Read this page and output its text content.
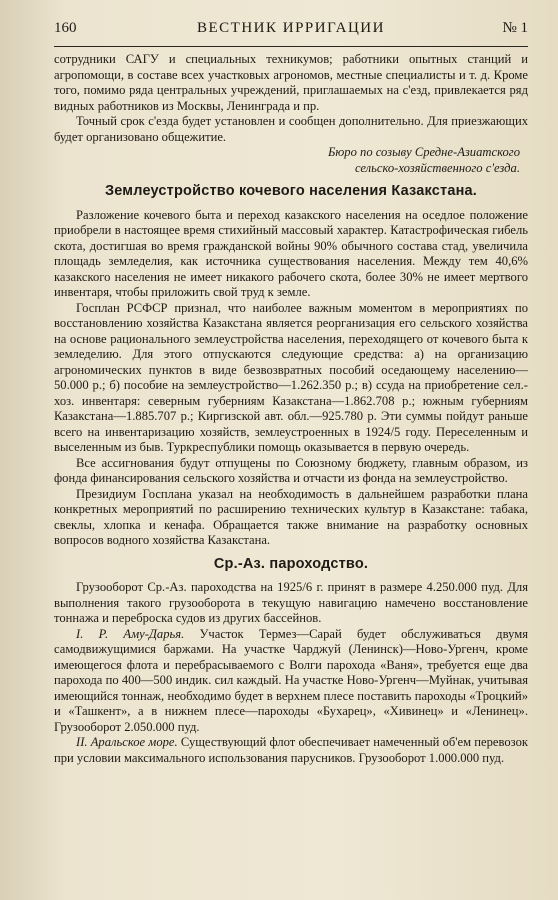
160	ВЕСТНИК ИРРИГАЦИИ	№ 1

сотрудники САГУ и специальных техникумов; работники опытных станций и агропомощи, в составе всех участковых агрономов, местные специалисты и т. д. Кроме того, помимо ряда центральных учреждений, приглашаемых на с'езд, привлекается ряд видных работников из Москвы, Ленинграда и пр.

Точный срок с'езда будет установлен и сообщен дополнительно. Для приезжающих будет организовано общежитие.

Бюро по созыву Средне-Азиатского
сельско-хозяйственного с'езда.
Землеустройство кочевого населения Казакстана.

Разложение кочевого быта и переход казакского населения на оседлое положение приобрели в настоящее время стихийный массовый характер. Катастрофическая гибель скота, достигшая во время гражданской войны 90% обычного состава стад, увеличила площадь земледелия, как источника существования населения. Между тем 40,6% казакского населения не имеет никакого рабочего скота, более 30% не имеет мертвого инвентаря, чтобы приложить свой труд к земле.

Госплан РСФСР признал, что наиболее важным моментом в мероприятиях по восстановлению хозяйства Казакстана является реорганизация его сельского хозяйства на основе рационального землеустройства населения, переходящего от кочевого быта к земледелию. Для этого отпускаются следующие средства: а) на организацию агрономических пунктов в виде безвозвратных пособий оседающему населению—50.000 р.; б) пособие на землеустройство—1.262.350 р.; в) ссуда на приобретение сел.-хоз. инвентаря: северным губерниям Казакстана—1.862.708 р.; южным губерниям Казакстана—1.885.707 р.; Киргизской авт. обл.—925.780 р. Эти суммы пойдут раньше всего на инвентаризацию хозяйств, землеустроенных в 1924/5 году. Переселенным и выселенным из быв. Туркреспублики помощь оказывается в первую очередь.

Все ассигнования будут отпущены по Союзному бюджету, главным образом, из фонда финансирования сельского хозяйства и отчасти из фонда на землеустройство.

Президиум Госплана указал на необходимость в дальнейшем разработки плана конкретных мероприятий по расширению технических культур в Казакстане: табака, свеклы, хлопка и кенафа. Обращается также внимание на разработку основных вопросов водного хозяйства Казакстана.

Ср.-Аз. пароходство.

Грузооборот Ср.-Аз. пароходства на 1925/6 г. принят в размере 4.250.000 пуд. Для выполнения такого грузооборота в текущую навигацию намечено восстановление тоннажа и переброска судов из других бассейнов.

I. Р. Аму-Дарья. Участок Термез—Сарай будет обслуживаться двумя самодвижущимися баржами. На участке Чарджуй (Ленинск)—Ново-Ургенч, кроме имеющегося флота и перебрасываемого с Волги парохода «Ваня», требуется еще два парохода по 400—500 индик. сил каждый. На участке Ново-Ургенч—Муйнак, учитывая имеющийся тоннаж, необходимо будет в верхнем плесе поставить пароходы «Троцкий» и «Ташкент», а в нижнем плесе—пароходы «Бухарец», «Хивинец» и «Ленинец». Грузооборот 2.050.000 пуд.

II. Аральское море. Существующий флот обеспечивает намеченный об'ем перевозок при условии максимального использования парусников. Грузооборот 1.000.000 пуд.
